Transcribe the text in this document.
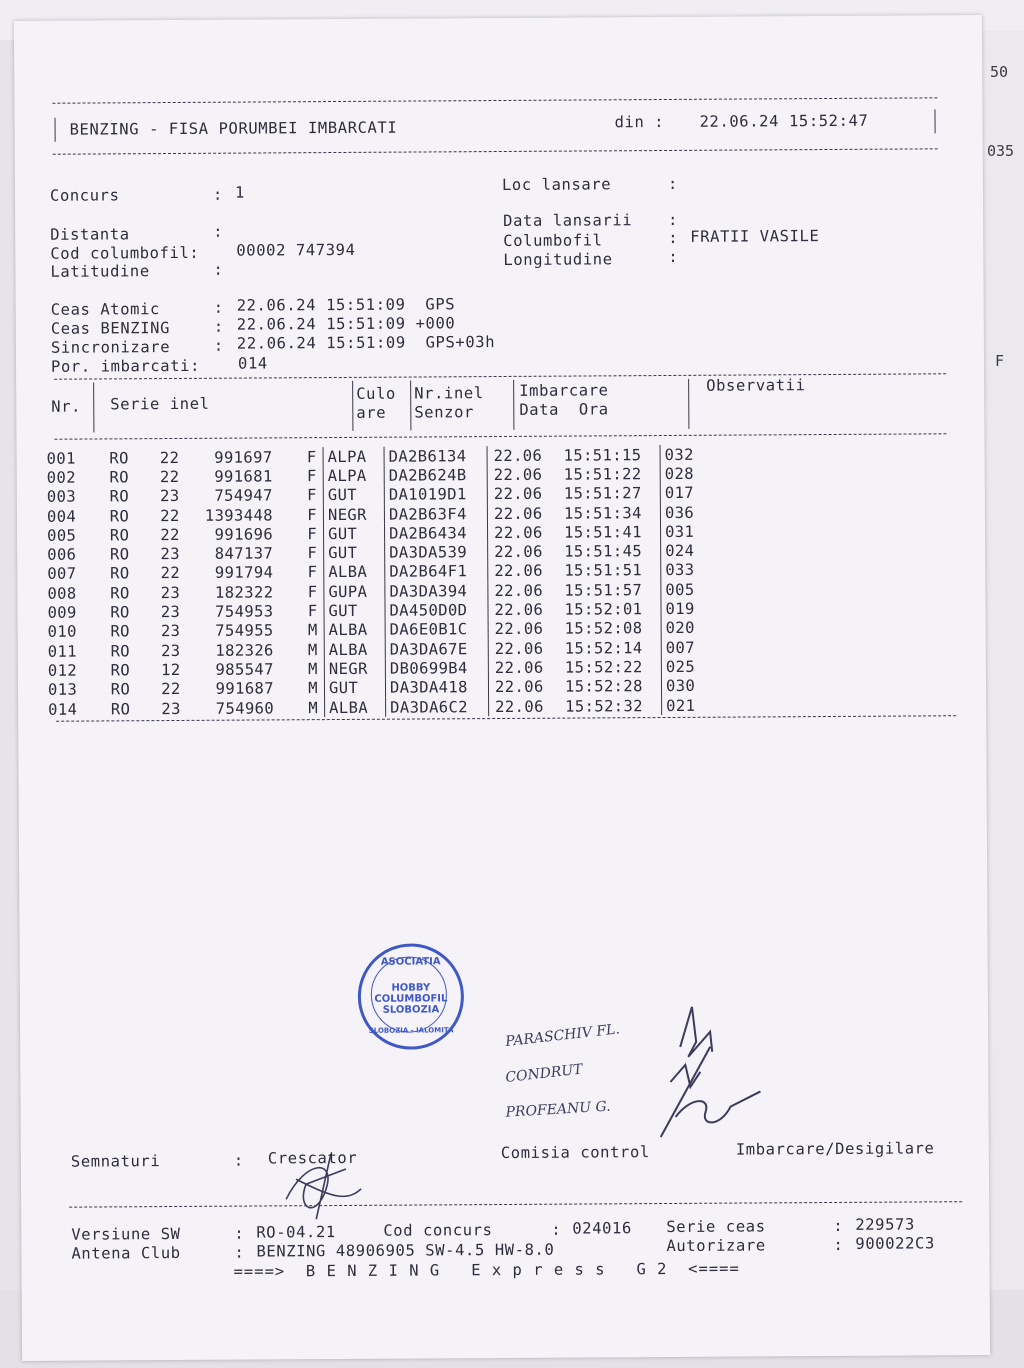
50
035
F
BENZING - FISA PORUMBEI IMBARCATI	din : 22.06.24 15:52:47
Concurs	: 1	Loc lansare	:
Distanta	:
Data lansarii :
Cod columbofil: 00002 747394
Columbofil	: FRATII VASILE
Latitudine	:
Longitudine	:
Ceas Atomic	: 22.06.24 15:51:09  GPS
Ceas BENZING	: 22.06.24 15:51:09 +000
Sincronizare	: 22.06.24 15:51:09  GPS+03h
Por. imbarcati: 014
Nr. Serie inel
Culo
are
Nr.inel
Senzor
Imbarcare
Data  Ora
Observatii
001	RO	22	991697	F	ALPA	DA2B6134	22.06	15:51:15	032
002	RO	22	991681	F	ALPA	DA2B624B	22.06	15:51:22	028
003	RO	23	754947	F	GUT	DA1019D1	22.06	15:51:27	017
004	RO	22	1393448	F	NEGR	DA2B63F4	22.06	15:51:34	036
005	RO	22	991696	F	GUT	DA2B6434	22.06	15:51:41	031
006	RO	23	847137	F	GUT	DA3DA539	22.06	15:51:45	024
007	RO	22	991794	F	ALBA	DA2B64F1	22.06	15:51:51	033
008	RO	23	182322	F	GUPA	DA3DA394	22.06	15:51:57	005
009	RO	23	754953	F	GUT	DA450D0D	22.06	15:52:01	019
010	RO	23	754955	M	ALBA	DA6E0B1C	22.06	15:52:08	020
011	RO	23	182326	M	ALBA	DA3DA67E	22.06	15:52:14	007
012	RO	12	985547	M	NEGR	DB0699B4	22.06	15:52:22	025
013	RO	22	991687	M	GUT	DA3DA418	22.06	15:52:28	030
014	RO	23	754960	M	ALBA	DA3DA6C2	22.06	15:52:32	021
ASOCIATIA
HOBBY
COLUMBOFIL
SLOBOZIA
SLOBOZIA - IALOMITA	PARASCHIV FL.
CONDRUT
PROFEANU G.
Semnaturi	: Crescator	Comisia control	Imbarcare/Desigilare
Versiune SW	: RO-04.21	Cod concurs	: 024016 Serie ceas	: 229573
Antena Club	: BENZING 48906905 SW-4.5 HW-8.0	Autorizare	: 900022C3
====>  B E N Z I N G   E x p r e s s   G 2  <====
